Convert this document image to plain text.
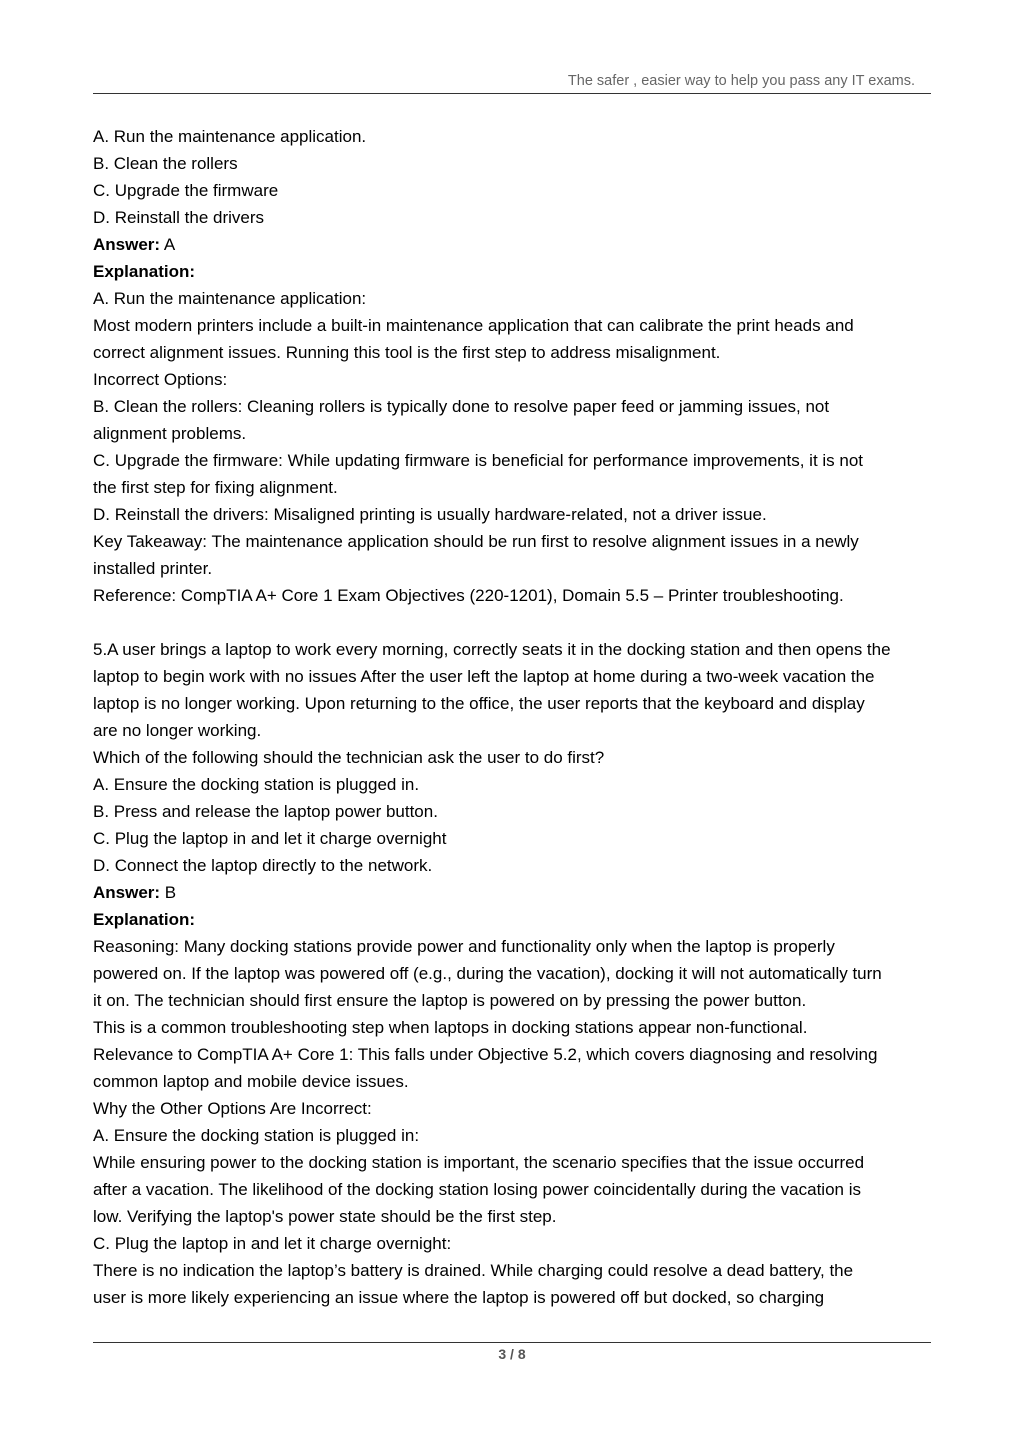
The safer , easier way to help you pass any IT exams.
A. Run the maintenance application.
B. Clean the rollers
C. Upgrade the firmware
D. Reinstall the drivers
Answer: A
Explanation:
A. Run the maintenance application:
Most modern printers include a built-in maintenance application that can calibrate the print heads and
correct alignment issues. Running this tool is the first step to address misalignment.
Incorrect Options:
B. Clean the rollers: Cleaning rollers is typically done to resolve paper feed or jamming issues, not
alignment problems.
C. Upgrade the firmware: While updating firmware is beneficial for performance improvements, it is not
the first step for fixing alignment.
D. Reinstall the drivers: Misaligned printing is usually hardware-related, not a driver issue.
Key Takeaway: The maintenance application should be run first to resolve alignment issues in a newly
installed printer.
Reference: CompTIA A+ Core 1 Exam Objectives (220-1201), Domain 5.5 – Printer troubleshooting.
5.A user brings a laptop to work every morning, correctly seats it in the docking station and then opens the
laptop to begin work with no issues After the user left the laptop at home during a two-week vacation the
laptop is no longer working. Upon returning to the office, the user reports that the keyboard and display
are no longer working.
Which of the following should the technician ask the user to do first?
A. Ensure the docking station is plugged in.
B. Press and release the laptop power button.
C. Plug the laptop in and let it charge overnight
D. Connect the laptop directly to the network.
Answer: B
Explanation:
Reasoning: Many docking stations provide power and functionality only when the laptop is properly
powered on. If the laptop was powered off (e.g., during the vacation), docking it will not automatically turn
it on. The technician should first ensure the laptop is powered on by pressing the power button.
This is a common troubleshooting step when laptops in docking stations appear non-functional.
Relevance to CompTIA A+ Core 1: This falls under Objective 5.2, which covers diagnosing and resolving
common laptop and mobile device issues.
Why the Other Options Are Incorrect:
A. Ensure the docking station is plugged in:
While ensuring power to the docking station is important, the scenario specifies that the issue occurred
after a vacation. The likelihood of the docking station losing power coincidentally during the vacation is
low. Verifying the laptop's power state should be the first step.
C. Plug the laptop in and let it charge overnight:
There is no indication the laptop’s battery is drained. While charging could resolve a dead battery, the
user is more likely experiencing an issue where the laptop is powered off but docked, so charging
3 / 8
